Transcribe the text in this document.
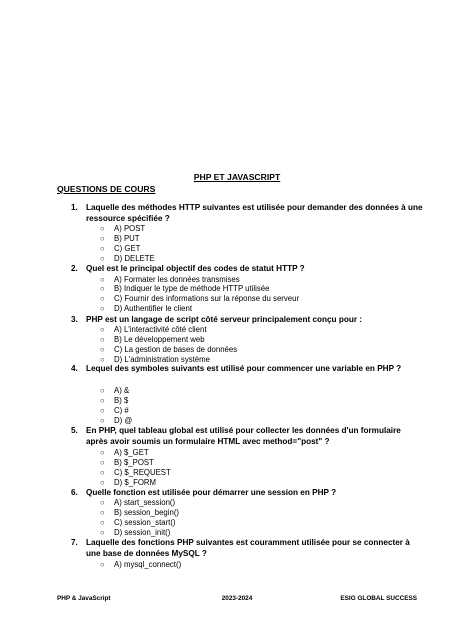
PHP ET JAVASCRIPT
QUESTIONS DE COURS
1. Laquelle des méthodes HTTP suivantes est utilisée pour demander des données à une ressource spécifiée ?
○ A) POST
○ B) PUT
○ C) GET
○ D) DELETE
2. Quel est le principal objectif des codes de statut HTTP ?
○ A) Formater les données transmises
○ B) Indiquer le type de méthode HTTP utilisée
○ C) Fournir des informations sur la réponse du serveur
○ D) Authentifier le client
3. PHP est un langage de script côté serveur principalement conçu pour :
○ A) L'interactivité côté client
○ B) Le développement web
○ C) La gestion de bases de données
○ D) L'administration système
4. Lequel des symboles suivants est utilisé pour commencer une variable en PHP ?
○ A) &
○ B) $
○ C) #
○ D) @
5. En PHP, quel tableau global est utilisé pour collecter les données d'un formulaire après avoir soumis un formulaire HTML avec method="post" ?
○ A) $_GET
○ B) $_POST
○ C) $_REQUEST
○ D) $_FORM
6. Quelle fonction est utilisée pour démarrer une session en PHP ?
○ A) start_session()
○ B) session_begin()
○ C) session_start()
○ D) session_init()
7. Laquelle des fonctions PHP suivantes est couramment utilisée pour se connecter à une base de données MySQL ?
○ A) mysql_connect()
PHP & JavaScript	2023-2024	ESIG GLOBAL SUCCESS
